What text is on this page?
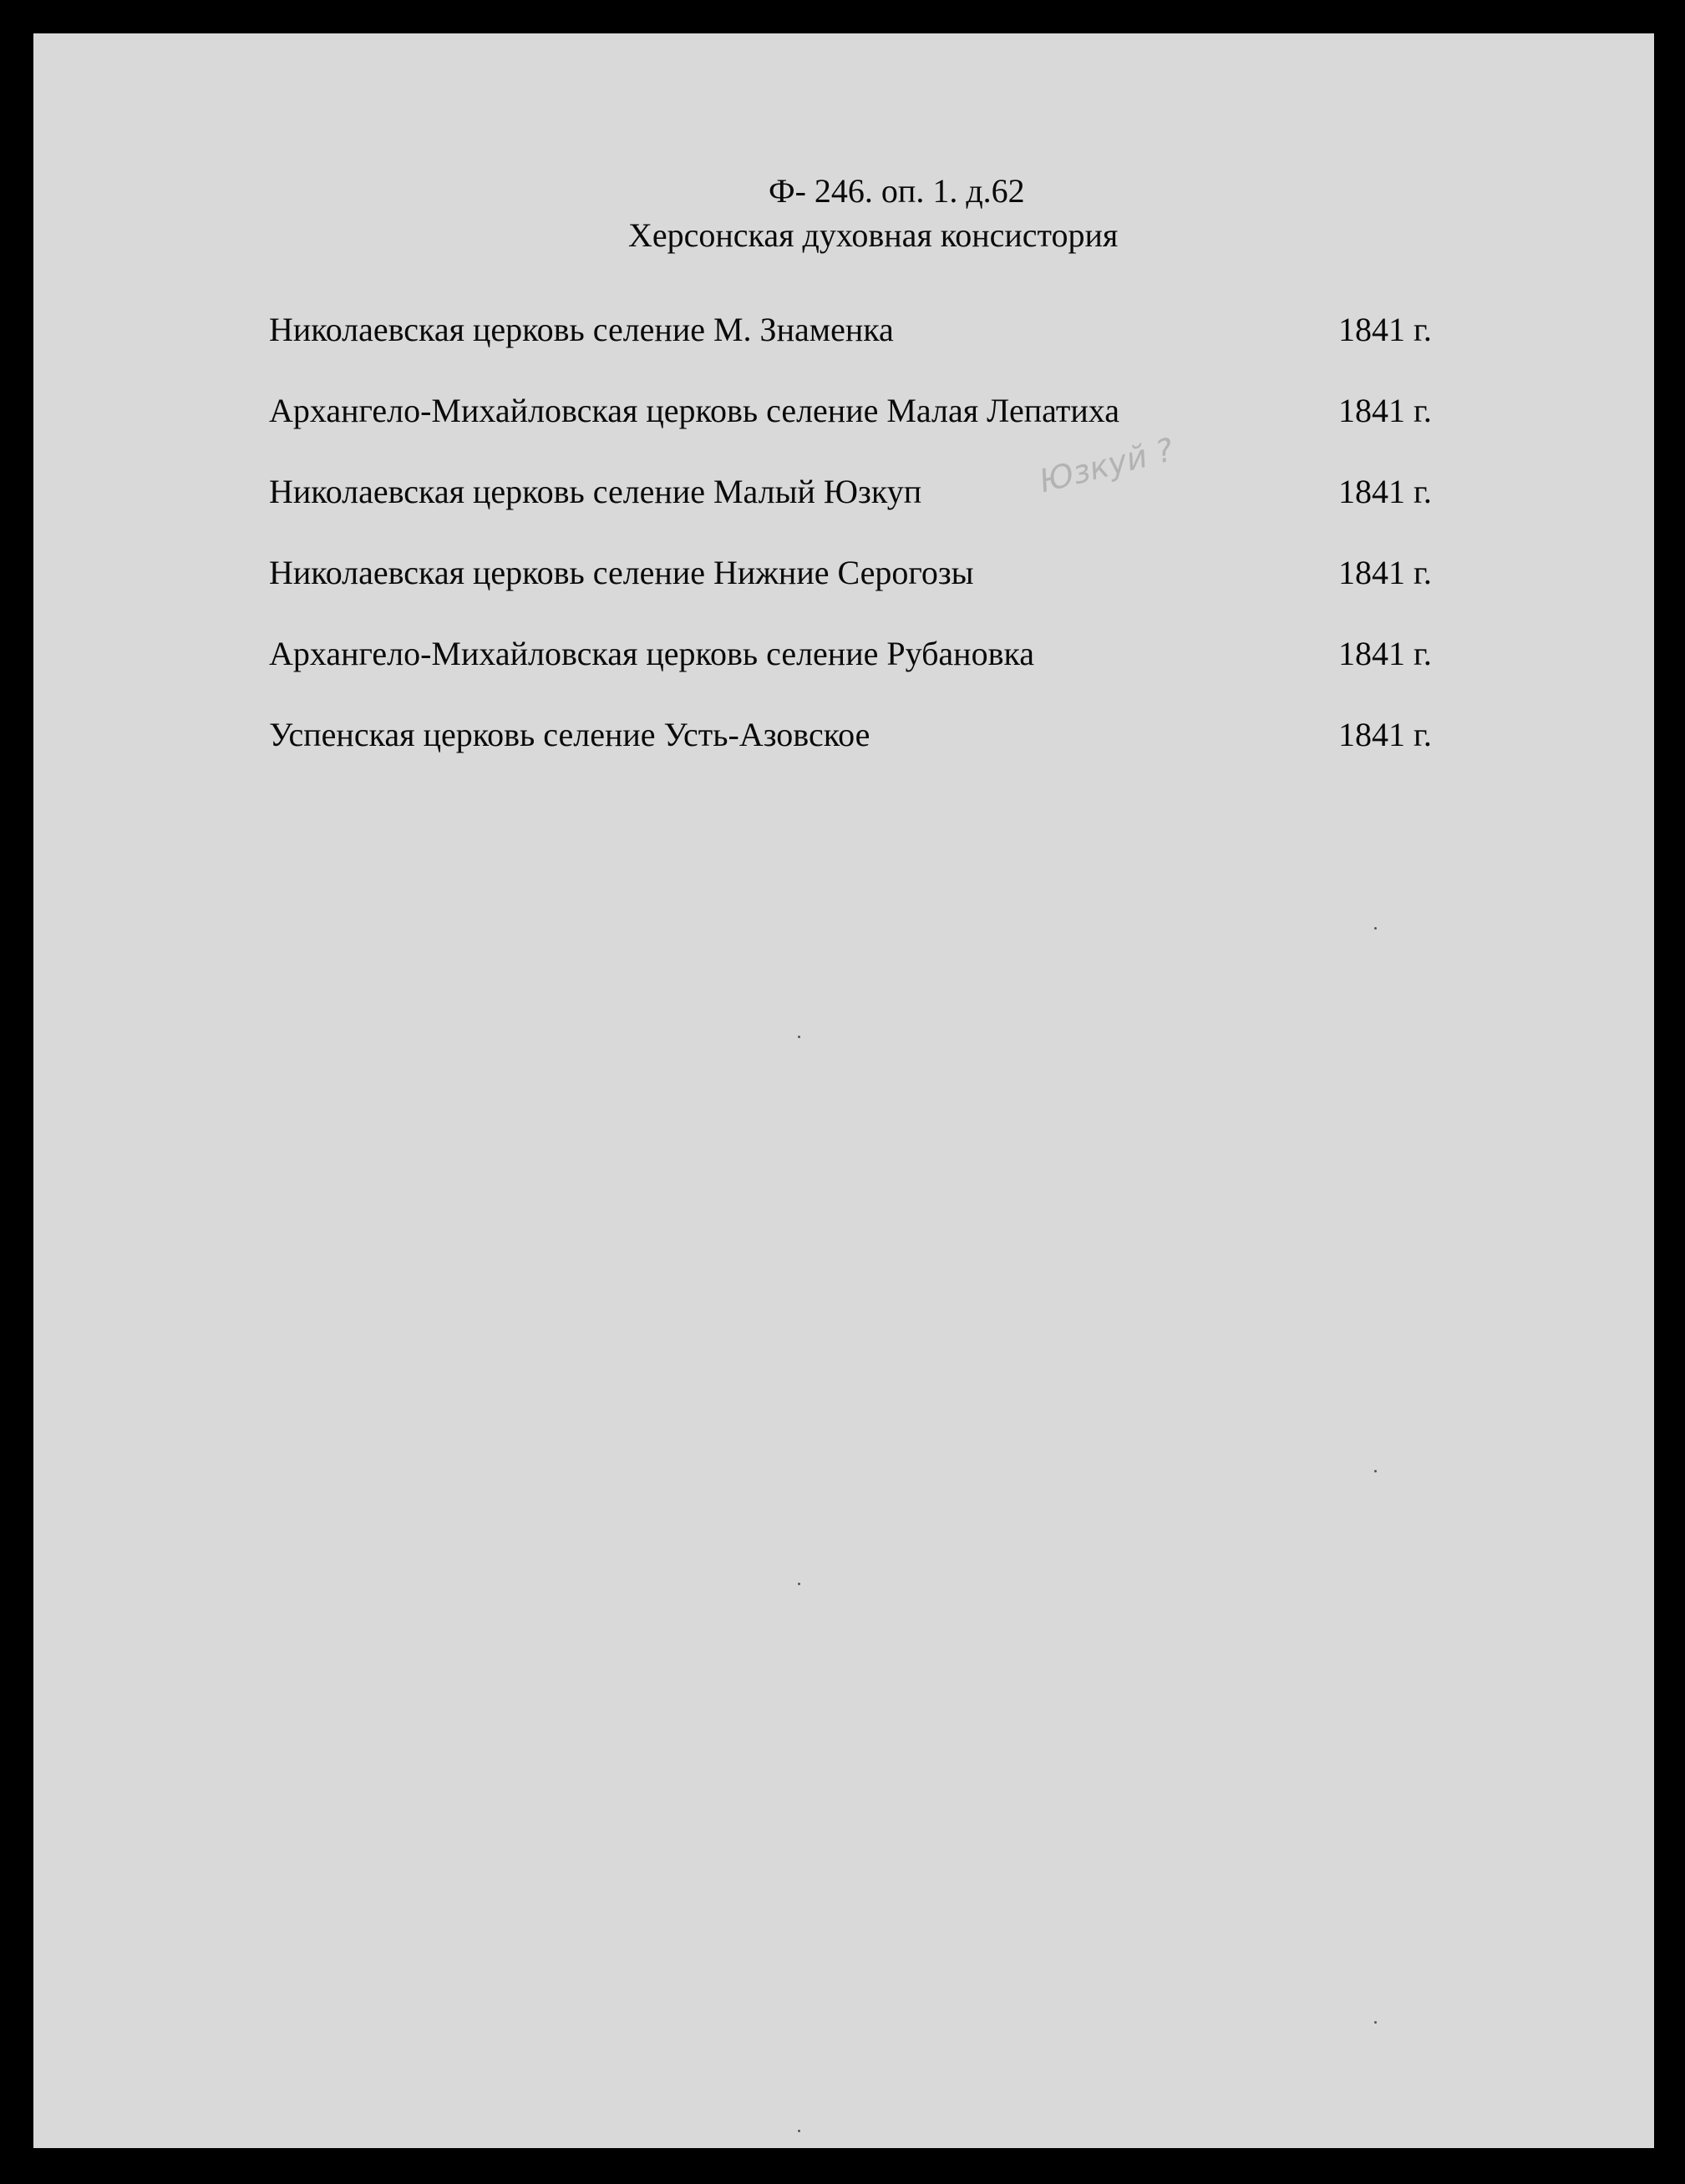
Ф- 246. оп. 1. д.62
Херсонская духовная консистория
Николаевская церковь селение М. Знаменка	1841 г.
Архангело-Михайловская церковь селение Малая Лепатиха	1841 г.
Николаевская церковь селение Малый Юзкуп	1841 г.
Юзкуй ?
Николаевская церковь селение Нижние Серогозы	1841 г.
Архангело-Михайловская церковь селение Рубановка	1841 г.
Успенская церковь селение Усть-Азовское	1841 г.
